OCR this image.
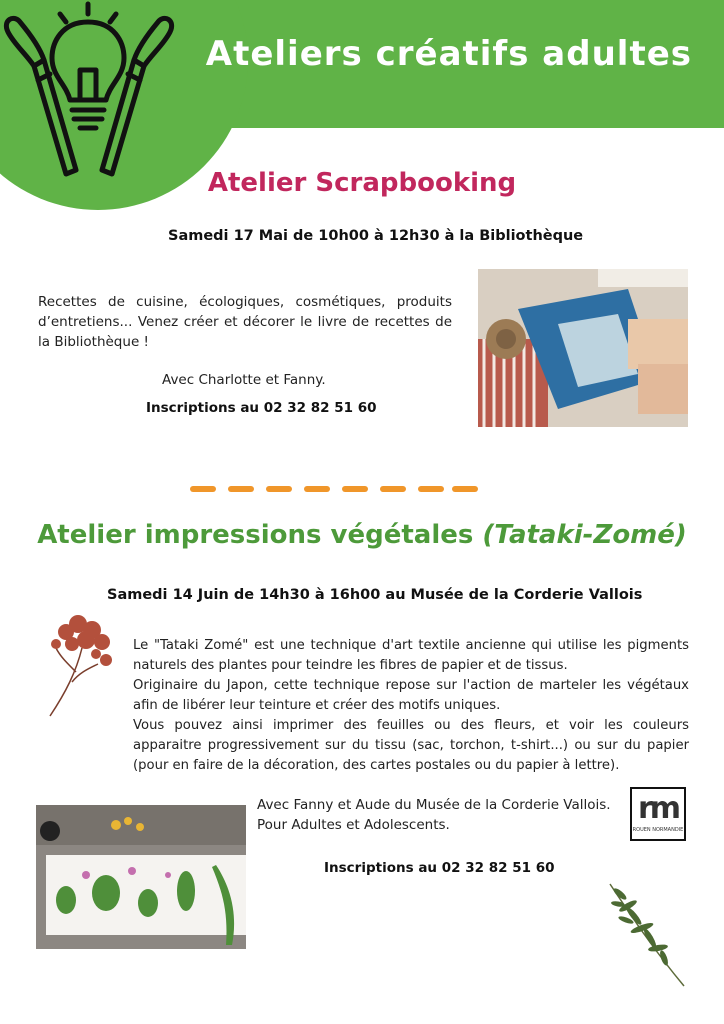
Ateliers créatifs adultes
Atelier Scrapbooking
Samedi 17 Mai de 10h00 à 12h30 à la Bibliothèque
Recettes de cuisine, écologiques, cosmétiques, produits d’entretiens... Venez créer et décorer le livre de recettes de la Bibliothèque !
Avec Charlotte et Fanny.
Inscriptions au 02 32 82 51 60
Atelier impressions végétales (Tataki-Zomé)
Samedi 14 Juin de 14h30 à 16h00 au Musée de la Corderie Vallois

Le "Tataki Zomé" est une technique d'art textile ancienne qui utilise les pigments naturels des plantes pour teindre les fibres de papier et de tissus.

Originaire du Japon, cette technique repose sur l'action de marteler les végétaux afin de libérer leur teinture et créer des motifs uniques.

Vous pouvez ainsi imprimer des feuilles ou des fleurs, et voir les couleurs apparaitre progressivement sur du tissu (sac, torchon, t-shirt...) ou sur du papier (pour en faire de la décoration, des cartes postales ou du papier à lettre).

Avec Fanny et Aude du Musée de la Corderie Vallois.
Pour Adultes et Adolescents.	rm
ROUEN NORMANDIE
Inscriptions au 02 32 82 51 60
